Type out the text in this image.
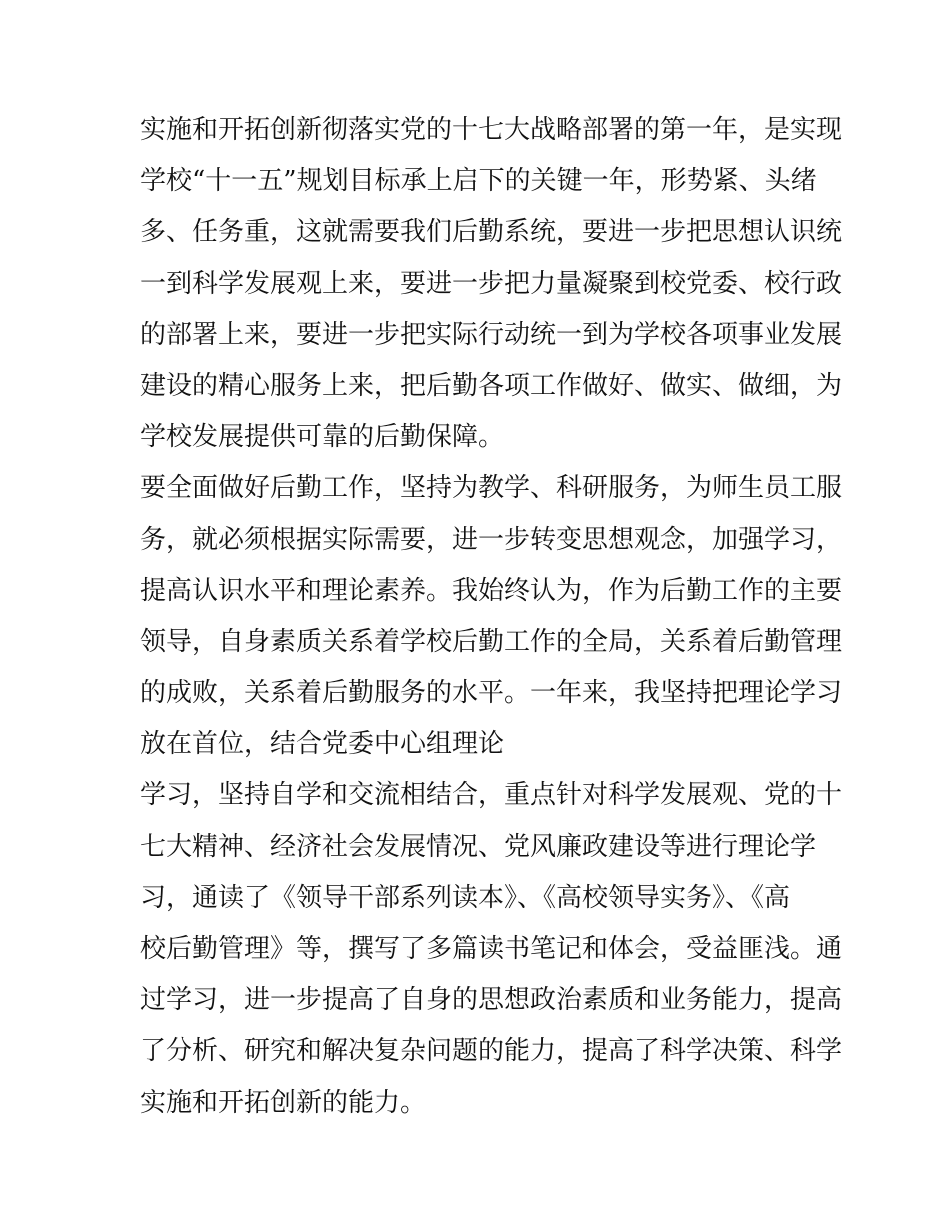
实施和开拓创新彻落实党的十七大战略部署的第一年，是实现
学校“十一五”规划目标承上启下的关键一年，形势紧、头绪
多、任务重，这就需要我们后勤系统，要进一步把思想认识统
一到科学发展观上来，要进一步把力量凝聚到校党委、校行政
的部署上来，要进一步把实际行动统一到为学校各项事业发展
建设的精心服务上来，把后勤各项工作做好、做实、做细，为
学校发展提供可靠的后勤保障。
要全面做好后勤工作，坚持为教学、科研服务，为师生员工服
务，就必须根据实际需要，进一步转变思想观念，加强学习，
提高认识水平和理论素养。我始终认为，作为后勤工作的主要
领导，自身素质关系着学校后勤工作的全局，关系着后勤管理
的成败，关系着后勤服务的水平。一年来，我坚持把理论学习
放在首位，结合党委中心组理论
学习，坚持自学和交流相结合，重点针对科学发展观、党的十
七大精神、经济社会发展情况、党风廉政建设等进行理论学
习，通读了《领导干部系列读本》、《高校领导实务》、《高
校后勤管理》等，撰写了多篇读书笔记和体会，受益匪浅。通
过学习，进一步提高了自身的思想政治素质和业务能力，提高
了分析、研究和解决复杂问题的能力，提高了科学决策、科学
实施和开拓创新的能力。
